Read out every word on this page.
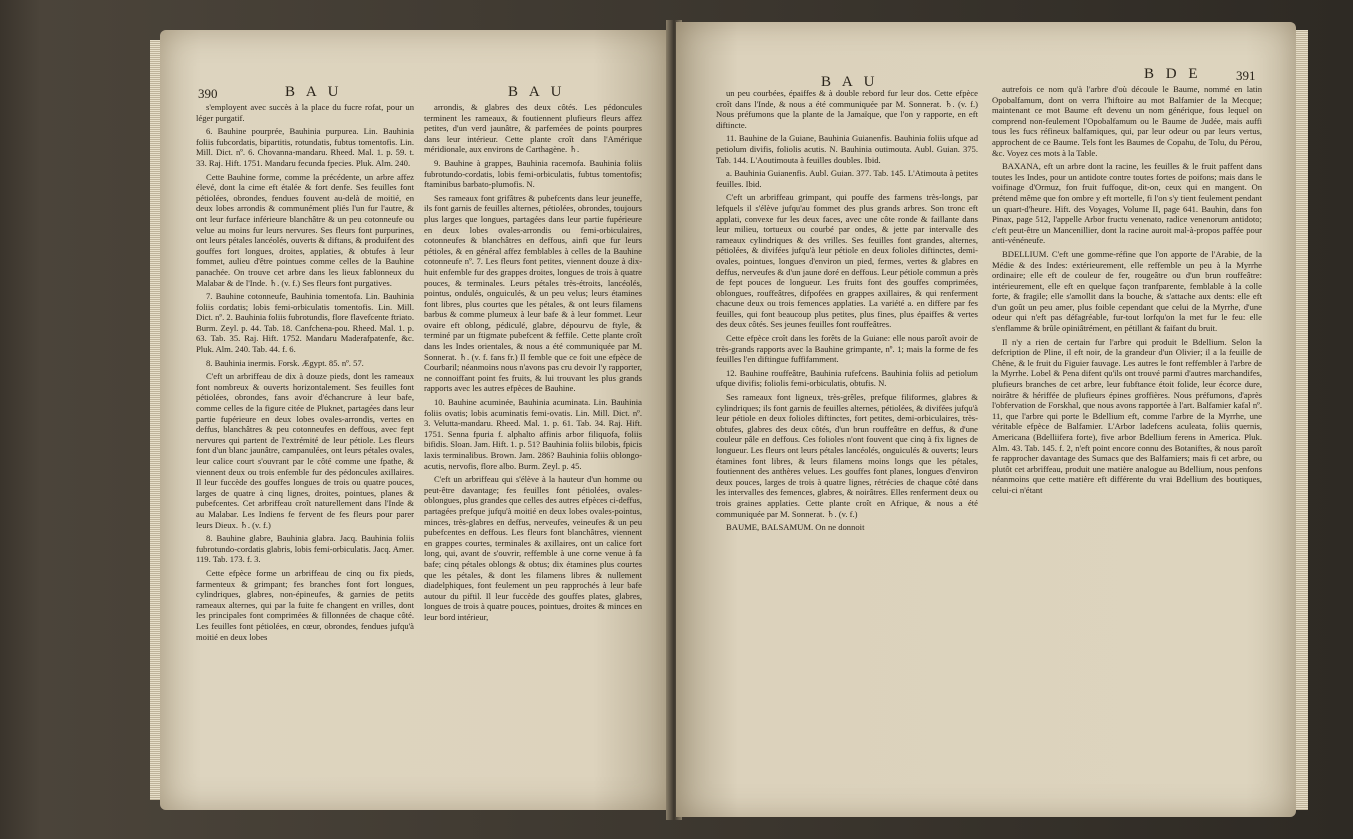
390	B A U	B A U

s'employent avec succès à la place du fucre rofat, pour un léger purgatif.

6. Bauhine pourprée, Bauhinia purpurea. Lin. Bauhinia foliis fubcordatis, bipartitis, rotundatis, fubtus tomentofis. Lin. Mill. Dict. nº. 6. Chovanna-mandaru. Rheed. Mal. 1. p. 59. t. 33. Raj. Hift. 1751. Mandaru fecunda fpecies. Pluk. Alm. 240.

Cette Bauhine forme, comme la précédente, un arbre affez élevé, dont la cime eft étalée & fort denfe. Ses feuilles font pétiolées, obrondes, fendues fouvent au-delà de moitié, en deux lobes arrondis & communément pliés l'un fur l'autre, & ont leur furface inférieure blanchâtre & un peu cotonneufe ou velue au moins fur leurs nervures. Ses fleurs font purpurines, ont leurs pétales lancéolés, ouverts & diftans, & produifent des gouffes fort longues, droites, applaties, & obtufes à leur fommet, aulieu d'être pointues comme celles de la Bauhine panachée. On trouve cet arbre dans les lieux fablonneux du Malabar & de l'Inde. ♄. (v. f.) Ses fleurs font purgatives.

7. Bauhine cotonneufe, Bauhinia tomentofa. Lin. Bauhinia foliis cordatis; lobis femi-orbiculatis tomentofis. Lin. Mill. Dict. nº. 2. Bauhinia foliis fubrotundis, flore flavefcente ftriato. Burm. Zeyl. p. 44. Tab. 18. Canfchena-pou. Rheed. Mal. 1. p. 63. Tab. 35. Raj. Hift. 1752. Mandaru Maderafpatenfe, &c. Pluk. Alm. 240. Tab. 44. f. 6.

8. Bauhinia inermis. Forsk. Ægypt. 85. nº. 57.

C'eft un arbriffeau de dix à douze pieds, dont les rameaux font nombreux & ouverts horizontalement. Ses feuilles font pétiolées, obrondes, fans avoir d'échancrure à leur bafe, comme celles de la figure citée de Pluknet, partagées dans leur partie fupérieure en deux lobes ovales-arrondis, vertes en deffus, blanchâtres & peu cotonneufes en deffous, avec fept nervures qui partent de l'extrémité de leur pétiole. Les fleurs font d'un blanc jaunâtre, campanulées, ont leurs pétales ovales, leur calice court s'ouvrant par le côté comme une fpathe, & viennent deux ou trois enfemble fur des pédoncules axillaires. Il leur fuccède des gouffes longues de trois ou quatre pouces, larges de quatre à cinq lignes, droites, pointues, planes & pubefcentes. Cet arbriffeau croît naturellement dans l'Inde & au Malabar. Les Indiens fe fervent de fes fleurs pour parer leurs Dieux. ♄. (v. f.)

8. Bauhine glabre, Bauhinia glabra. Jacq. Bauhinia foliis fubrotundo-cordatis glabris, lobis femi-orbiculatis. Jacq. Amer. 119. Tab. 173. f. 3.

Cette efpèce forme un arbriffeau de cinq ou fix pieds, farmenteux & grimpant; fes branches font fort longues, cylindriques, glabres, non-épineufes, & garnies de petits rameaux alternes, qui par la fuite fe changent en vrilles, dont les principales font comprimées & fillonnées de chaque côté. Les feuilles font pétiolées, en cœur, obrondes, fendues jufqu'à moitié en deux lobes

arrondis, & glabres des deux côtés. Les pédoncules terminent les rameaux, & foutiennent plufieurs fleurs affez petites, d'un verd jaunâtre, & parfemées de points pourpres dans leur intérieur. Cette plante croît dans l'Amérique méridionale, aux environs de Carthagène. ♄.

9. Bauhine à grappes, Bauhinia racemofa. Bauhinia foliis fubrotundo-cordatis, lobis femi-orbiculatis, fubtus tomentofis; ftaminibus barbato-plumofis. N.

Ses rameaux font grifâtres & pubefcents dans leur jeuneffe, ils font garnis de feuilles alternes, pétiolées, obrondes, toujours plus larges que longues, partagées dans leur partie fupérieure en deux lobes ovales-arrondis ou femi-orbiculaires, cotonneufes & blanchâtres en deffous, ainfi que fur leurs pétioles, & en général affez femblables à celles de la Bauhine cotonneufe nº. 7. Les fleurs font petites, viennent douze à dix-huit enfemble fur des grappes droites, longues de trois à quatre pouces, & terminales. Leurs pétales très-étroits, lancéolés, pointus, ondulés, onguiculés, & un peu velus; leurs étamines font libres, plus courtes que les pétales, & ont leurs filamens barbus & comme plumeux à leur bafe & à leur fommet. Leur ovaire eft oblong, pédiculé, glabre, dépourvu de ftyle, & terminé par un ftigmate pubefcent & feffile. Cette plante croît dans les Indes orientales, & nous a été communiquée par M. Sonnerat. ♄. (v. f. fans fr.) Il femble que ce foit une efpèce de Courbaril; néanmoins nous n'avons pas cru devoir l'y rapporter, ne connoiffant point fes fruits, & lui trouvant les plus grands rapports avec les autres efpèces de Bauhine.

10. Bauhine acuminée, Bauhinia acuminata. Lin. Bauhinia foliis ovatis; lobis acuminatis femi-ovatis. Lin. Mill. Dict. nº. 3. Velutta-mandaru. Rheed. Mal. 1. p. 61. Tab. 34. Raj. Hift. 1751. Senna fpuria f. alphalto affinis arbor filiquofa, foliis bifidis. Sloan. Jam. Hift. 1. p. 51? Bauhinia foliis bilobis, fpicis laxis terminalibus. Brown. Jam. 286? Bauhinia foliis oblongo-acutis, nervofis, flore albo. Burm. Zeyl. p. 45.

C'eft un arbriffeau qui s'élève à la hauteur d'un homme ou peut-être davantage; fes feuilles font pétiolées, ovales-oblongues, plus grandes que celles des autres efpèces ci-deffus, partagées prefque jufqu'à moitié en deux lobes ovales-pointus, minces, très-glabres en deffus, nerveufes, veineufes & un peu pubefcentes en deffous. Les fleurs font blanchâtres, viennent en grappes courtes, terminales & axillaires, ont un calice fort long, qui, avant de s'ouvrir, reffemble à une corne venue à fa bafe; cinq pétales oblongs & obtus; dix étamines plus courtes que les pétales, & dont les filamens libres & nullement diadelphiques, font feulement un peu rapprochés à leur bafe autour du piftil. Il leur fuccède des gouffes plates, glabres, longues de trois à quatre pouces, pointues, droites & minces en leur bord intérieur,

B A U	B D E	391

un peu courbées, épaiffes & à double rebord fur leur dos. Cette efpèce croît dans l'Inde, & nous a été communiquée par M. Sonnerat. ♄. (v. f.) Nous préfumons que la plante de la Jamaïque, que l'on y rapporte, en eft diftincte.

11. Bauhine de la Guiane, Bauhinia Guianenfis. Bauhinia foliis ufque ad petiolum divifis, foliolis acutis. N. Bauhinia outimouta. Aubl. Guian. 375. Tab. 144. L'Aoutimouta à feuilles doubles. Ibid.

a. Bauhinia Guianenfis. Aubl. Guian. 377. Tab. 145. L'Atimouta à petites feuilles. Ibid.

C'eft un arbriffeau grimpant, qui pouffe des farmens très-longs, par lefquels il s'élève jufqu'au fommet des plus grands arbres. Son tronc eft applati, convexe fur les deux faces, avec une côte ronde & faillante dans leur milieu, tortueux ou courbé par ondes, & jette par intervalle des rameaux cylindriques & des vrilles. Ses feuilles font grandes, alternes, pétiolées, & divifées jufqu'à leur pétiole en deux folioles diftinctes, demi-ovales, pointues, longues d'environ un pied, fermes, vertes & glabres en deffus, nerveufes & d'un jaune doré en deffous. Leur pétiole commun a près de fept pouces de longueur. Les fruits font des gouffes comprimées, oblongues, rouffeâtres, difpofées en grappes axillaires, & qui renferment chacune deux ou trois femences applaties. La variété a. en differe par fes feuilles, qui font beaucoup plus petites, plus fines, plus épaiffes & vertes des deux côtés. Ses jeunes feuilles font rouffeâtres.

Cette efpèce croît dans les forêts de la Guiane: elle nous paroît avoir de très-grands rapports avec la Bauhine grimpante, nº. 1; mais la forme de fes feuilles l'en diftingue fuffifamment.

12. Bauhine rouffeâtre, Bauhinia rufefcens. Bauhinia foliis ad petiolum ufque divifis; foliolis femi-orbiculatis, obtufis. N.

Ses rameaux font ligneux, très-grêles, prefque filiformes, glabres & cylindriques; ils font garnis de feuilles alternes, pétiolées, & divifées jufqu'à leur pétiole en deux folioles diftinctes, fort petites, demi-orbiculaires, très-obtufes, glabres des deux côtés, d'un brun rouffeâtre en deffus, & d'une couleur pâle en deffous. Ces folioles n'ont fouvent que cinq à fix lignes de longueur. Les fleurs ont leurs pétales lancéolés, onguiculés & ouverts; leurs étamines font libres, & leurs filamens moins longs que les pétales, foutiennent des anthères velues. Les gouffes font planes, longues d'environ deux pouces, larges de trois à quatre lignes, rétrécies de chaque côté dans les intervalles des femences, glabres, & noirâtres. Elles renferment deux ou trois graines applaties. Cette plante croît en Afrique, & nous a été communiquée par M. Sonnerat. ♄. (v. f.)

BAUME, BALSAMUM. On ne donnoit

autrefois ce nom qu'à l'arbre d'où découle le Baume, nommé en latin Opobalfamum, dont on verra l'hiftoire au mot Balfamier de la Mecque; maintenant ce mot Baume eft devenu un nom générique, fous lequel on comprend non-feulement l'Opobalfamum ou le Baume de Judée, mais auffi tous les fucs réfineux balfamiques, qui, par leur odeur ou par leurs vertus, approchent de ce Baume. Tels font les Baumes de Copahu, de Tolu, du Pérou, &c. Voyez ces mots à la Table.

BAXANA, eft un arbre dont la racine, les feuilles & le fruit paffent dans toutes les Indes, pour un antidote contre toutes fortes de poifons; mais dans le voifinage d'Ormuz, fon fruit fuffoque, dit-on, ceux qui en mangent. On prétend même que fon ombre y eft mortelle, fi l'on s'y tient feulement pendant un quart-d'heure. Hift. des Voyages, Volume II, page 641. Bauhin, dans fon Pinax, page 512, l'appelle Arbor fructu venenato, radice venenorum antidoto; c'eft peut-être un Mancenillier, dont la racine auroit mal-à-propos paffée pour anti-vénéneufe.

BDELLIUM. C'eft une gomme-réfine que l'on apporte de l'Arabie, de la Médie & des Indes: extérieurement, elle reffemble un peu à la Myrrhe ordinaire; elle eft de couleur de fer, rougeâtre ou d'un brun rouffeâtre: intérieurement, elle eft en quelque façon tranfparente, femblable à la colle forte, & fragile; elle s'amollit dans la bouche, & s'attache aux dents: elle eft d'un goût un peu amer, plus foible cependant que celui de la Myrrhe, d'une odeur qui n'eft pas défagréable, fur-tout lorfqu'on la met fur le feu: elle s'enflamme & brûle opiniâtrément, en pétillant & faifant du bruit.

Il n'y a rien de certain fur l'arbre qui produit le Bdellium. Selon la defcription de Pline, il eft noir, de la grandeur d'un Olivier; il a la feuille de Chêne, & le fruit du Figuier fauvage. Les autres le font reffembler à l'arbre de la Myrrhe. Lobel & Pena difent qu'ils ont trouvé parmi d'autres marchandifes, plufieurs branches de cet arbre, leur fubftance étoit folide, leur écorce dure, noirâtre & hériffée de plufieurs épines groffières. Nous préfumons, d'après l'obfervation de Forskhal, que nous avons rapportée à l'art. Balfamier kafal nº. 11, que l'arbre qui porte le Bdellium eft, comme l'arbre de la Myrrhe, une véritable efpèce de Balfamier. L'Arbor ladefcens aculeata, foliis quernis, Americana (Bdelliifera forte), five arbor Bdellium ferens in America. Pluk. Alm. 43. Tab. 145. f. 2, n'eft point encore connu des Botaniftes, & nous paroît fe rapprocher davantage des Sumacs que des Balfamiers; mais fi cet arbre, ou plutôt cet arbriffeau, produit une matière analogue au Bdellium, nous penfons néanmoins que cette matière eft différente du vrai Bdellium des boutiques, celui-ci n'étant
